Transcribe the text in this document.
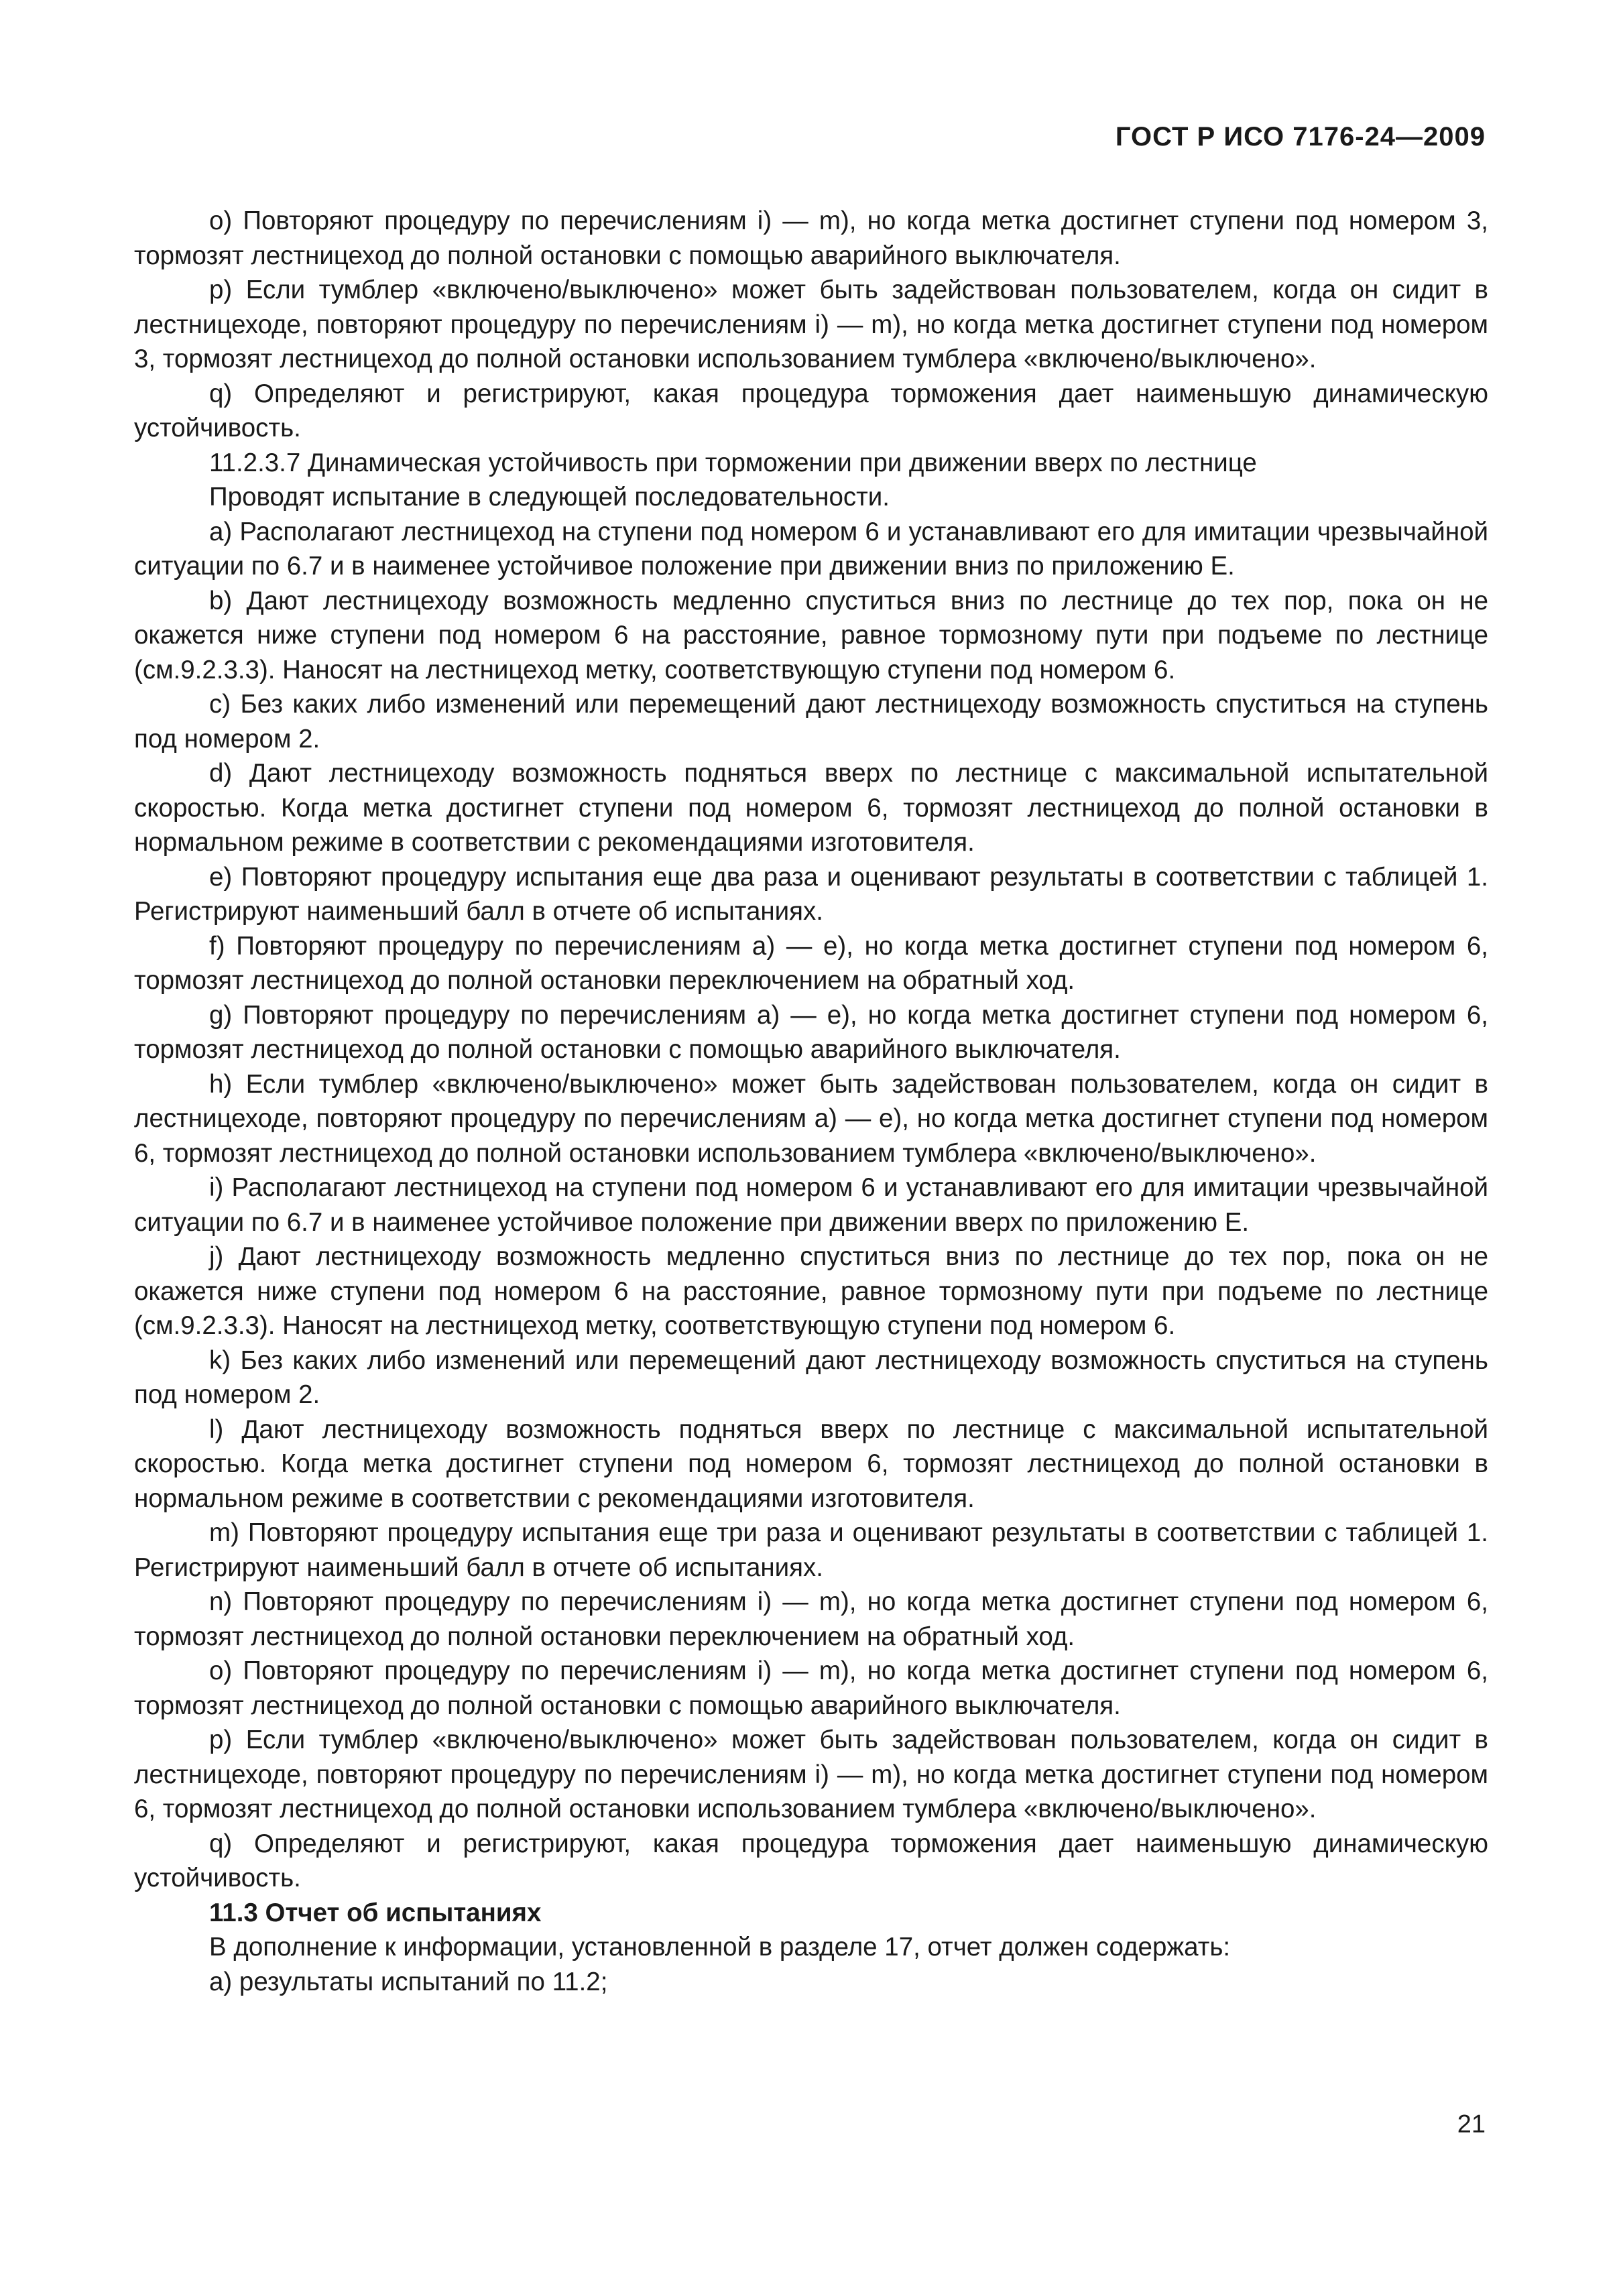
ГОСТ Р ИСО 7176-24—2009

о) Повторяют процедуру по перечислениям i) — m), но когда метка достигнет ступени под номером 3, тормозят лестницеход до полной остановки с помощью аварийного выключателя.

р) Если тумблер «включено/выключено» может быть задействован пользователем, когда он сидит в лестницеходе, повторяют процедуру по перечислениям i) — m), но когда метка достигнет ступени под номером 3, тормозят лестницеход до полной остановки использованием тумблера «включено/выключено».

q) Определяют и регистрируют, какая процедура торможения дает наименьшую динамическую устойчивость.

11.2.3.7 Динамическая устойчивость при торможении при движении вверх по лестнице

Проводят испытание в следующей последовательности.

а) Располагают лестницеход на ступени под номером 6 и устанавливают его для имитации чрезвычайной ситуации по 6.7 и в наименее устойчивое положение при движении вниз по приложению Е.

b) Дают лестницеходу возможность медленно спуститься вниз по лестнице до тех пор, пока он не окажется ниже ступени под номером 6 на расстояние, равное тормозному пути при подъеме по лестнице (см.9.2.3.3). Наносят на лестницеход метку, соответствующую ступени под номером 6.

с) Без каких либо изменений или перемещений дают лестницеходу возможность спуститься на ступень под номером 2.

d) Дают лестницеходу возможность подняться вверх по лестнице с максимальной испытательной скоростью. Когда метка достигнет ступени под номером 6, тормозят лестницеход до полной остановки в нормальном режиме в соответствии с рекомендациями изготовителя.

е) Повторяют процедуру испытания еще два раза и оценивают результаты в соответствии с таблицей 1. Регистрируют наименьший балл в отчете об испытаниях.

f) Повторяют процедуру по перечислениям а) — е), но когда метка достигнет ступени под номером 6, тормозят лестницеход до полной остановки переключением на обратный ход.

g) Повторяют процедуру по перечислениям а) — е), но когда метка достигнет ступени под номером 6, тормозят лестницеход до полной остановки с помощью аварийного выключателя.

h) Если тумблер «включено/выключено» может быть задействован пользователем, когда он сидит в лестницеходе, повторяют процедуру по перечислениям а) — е), но когда метка достигнет ступени под номером 6, тормозят лестницеход до полной остановки использованием тумблера «включено/выключено».

i) Располагают лестницеход на ступени под номером 6 и устанавливают его для имитации чрезвычайной ситуации по 6.7 и в наименее устойчивое положение при движении вверх по приложению Е.

j) Дают лестницеходу возможность медленно спуститься вниз по лестнице до тех пор, пока он не окажется ниже ступени под номером 6 на расстояние, равное тормозному пути при подъеме по лестнице (см.9.2.3.3). Наносят на лестницеход метку, соответствующую ступени под номером 6.

k) Без каких либо изменений или перемещений дают лестницеходу возможность спуститься на ступень под номером 2.

l) Дают лестницеходу возможность подняться вверх по лестнице с максимальной испытательной скоростью. Когда метка достигнет ступени под номером 6, тормозят лестницеход до полной остановки в нормальном режиме в соответствии с рекомендациями изготовителя.

m) Повторяют процедуру испытания еще три раза и оценивают результаты в соответствии с таблицей 1. Регистрируют наименьший балл в отчете об испытаниях.

n) Повторяют процедуру по перечислениям i) — m), но когда метка достигнет ступени под номером 6, тормозят лестницеход до полной остановки переключением на обратный ход.

о) Повторяют процедуру по перечислениям i) — m), но когда метка достигнет ступени под номером 6, тормозят лестницеход до полной остановки с помощью аварийного выключателя.

р) Если тумблер «включено/выключено» может быть задействован пользователем, когда он сидит в лестницеходе, повторяют процедуру по перечислениям i) — m), но когда метка достигнет ступени под номером 6, тормозят лестницеход до полной остановки использованием тумблера «включено/выключено».

q) Определяют и регистрируют, какая процедура торможения дает наименьшую динамическую устойчивость.

11.3 Отчет об испытаниях

В дополнение к информации, установленной в разделе 17, отчет должен содержать:

а) результаты испытаний по 11.2;

21
